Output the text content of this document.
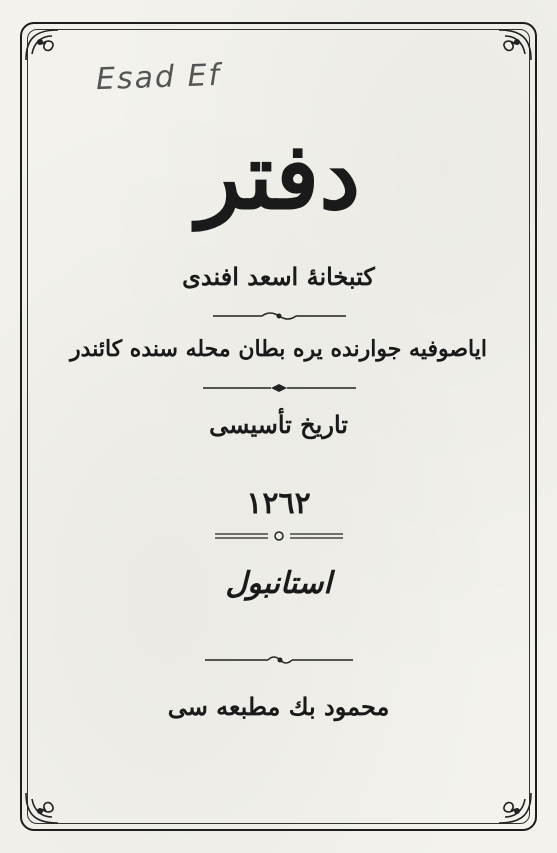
Esad Ef
دفتر
کتبخانهٔ اسعد افندی
ایاصوفیه جوارنده یره بطان محله سنده کائندر
تاریخ تأسیسی
١٢٦٢
استانبول
محمود بك مطبعه سی
